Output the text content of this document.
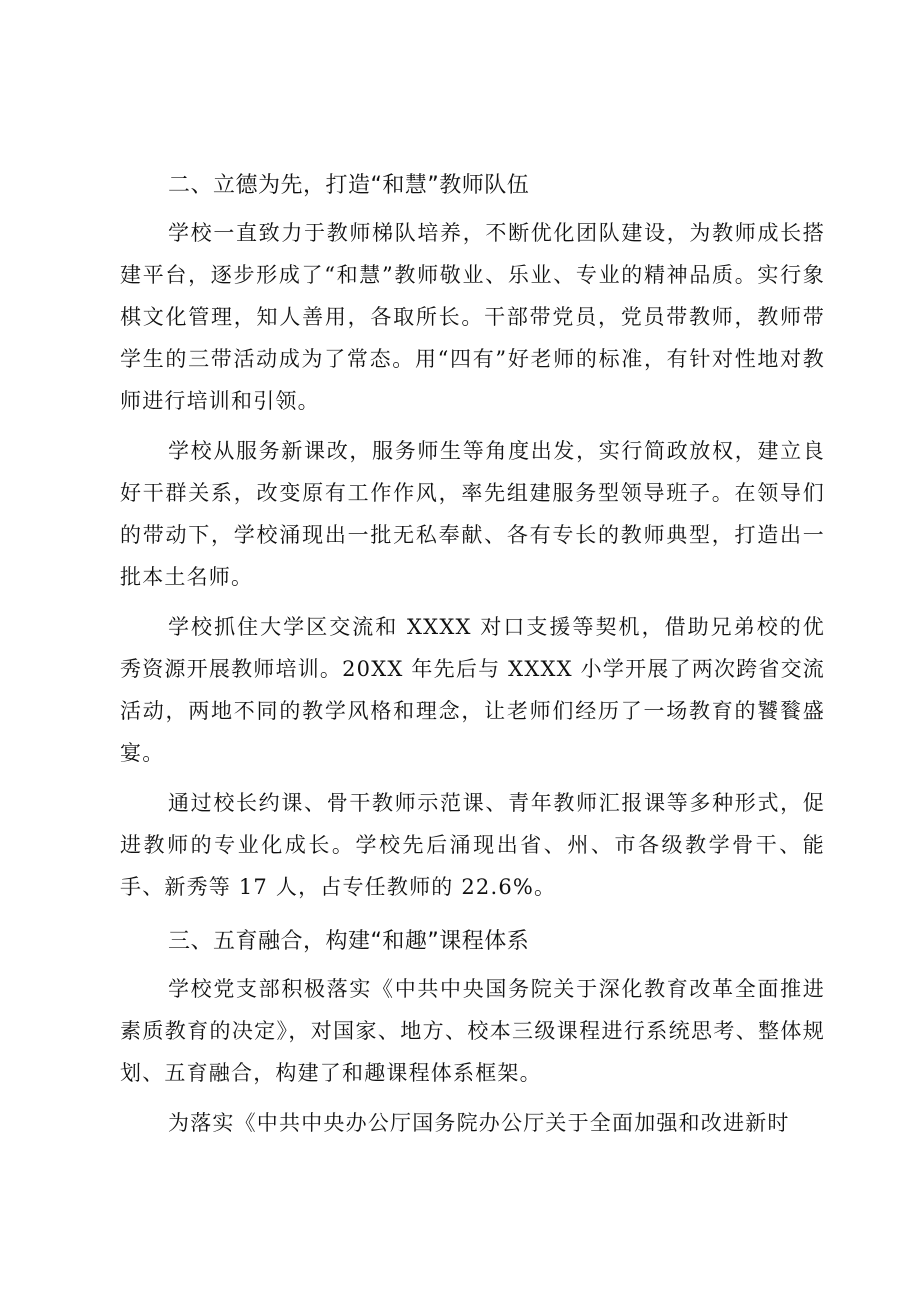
二、立德为先，打造“和慧”教师队伍

学校一直致力于教师梯队培养，不断优化团队建设，为教师成长搭建平台，逐步形成了“和慧”教师敬业、乐业、专业的精神品质。实行象棋文化管理，知人善用，各取所长。干部带党员，党员带教师，教师带学生的三带活动成为了常态。用“四有”好老师的标准，有针对性地对教师进行培训和引领。

学校从服务新课改，服务师生等角度出发，实行简政放权，建立良好干群关系，改变原有工作作风，率先组建服务型领导班子。在领导们的带动下，学校涌现出一批无私奉献、各有专长的教师典型，打造出一批本土名师。

学校抓住大学区交流和 XXXX 对口支援等契机，借助兄弟校的优秀资源开展教师培训。20XX 年先后与 XXXX 小学开展了两次跨省交流活动，两地不同的教学风格和理念，让老师们经历了一场教育的饕餮盛宴。

通过校长约课、骨干教师示范课、青年教师汇报课等多种形式，促进教师的专业化成长。学校先后涌现出省、州、市各级教学骨干、能手、新秀等 17 人，占专任教师的 22.6%。

三、五育融合，构建“和趣”课程体系

学校党支部积极落实《中共中央国务院关于深化教育改革全面推进素质教育的决定》，对国家、地方、校本三级课程进行系统思考、整体规划、五育融合，构建了和趣课程体系框架。

为落实《中共中央办公厅国务院办公厅关于全面加强和改进新时
